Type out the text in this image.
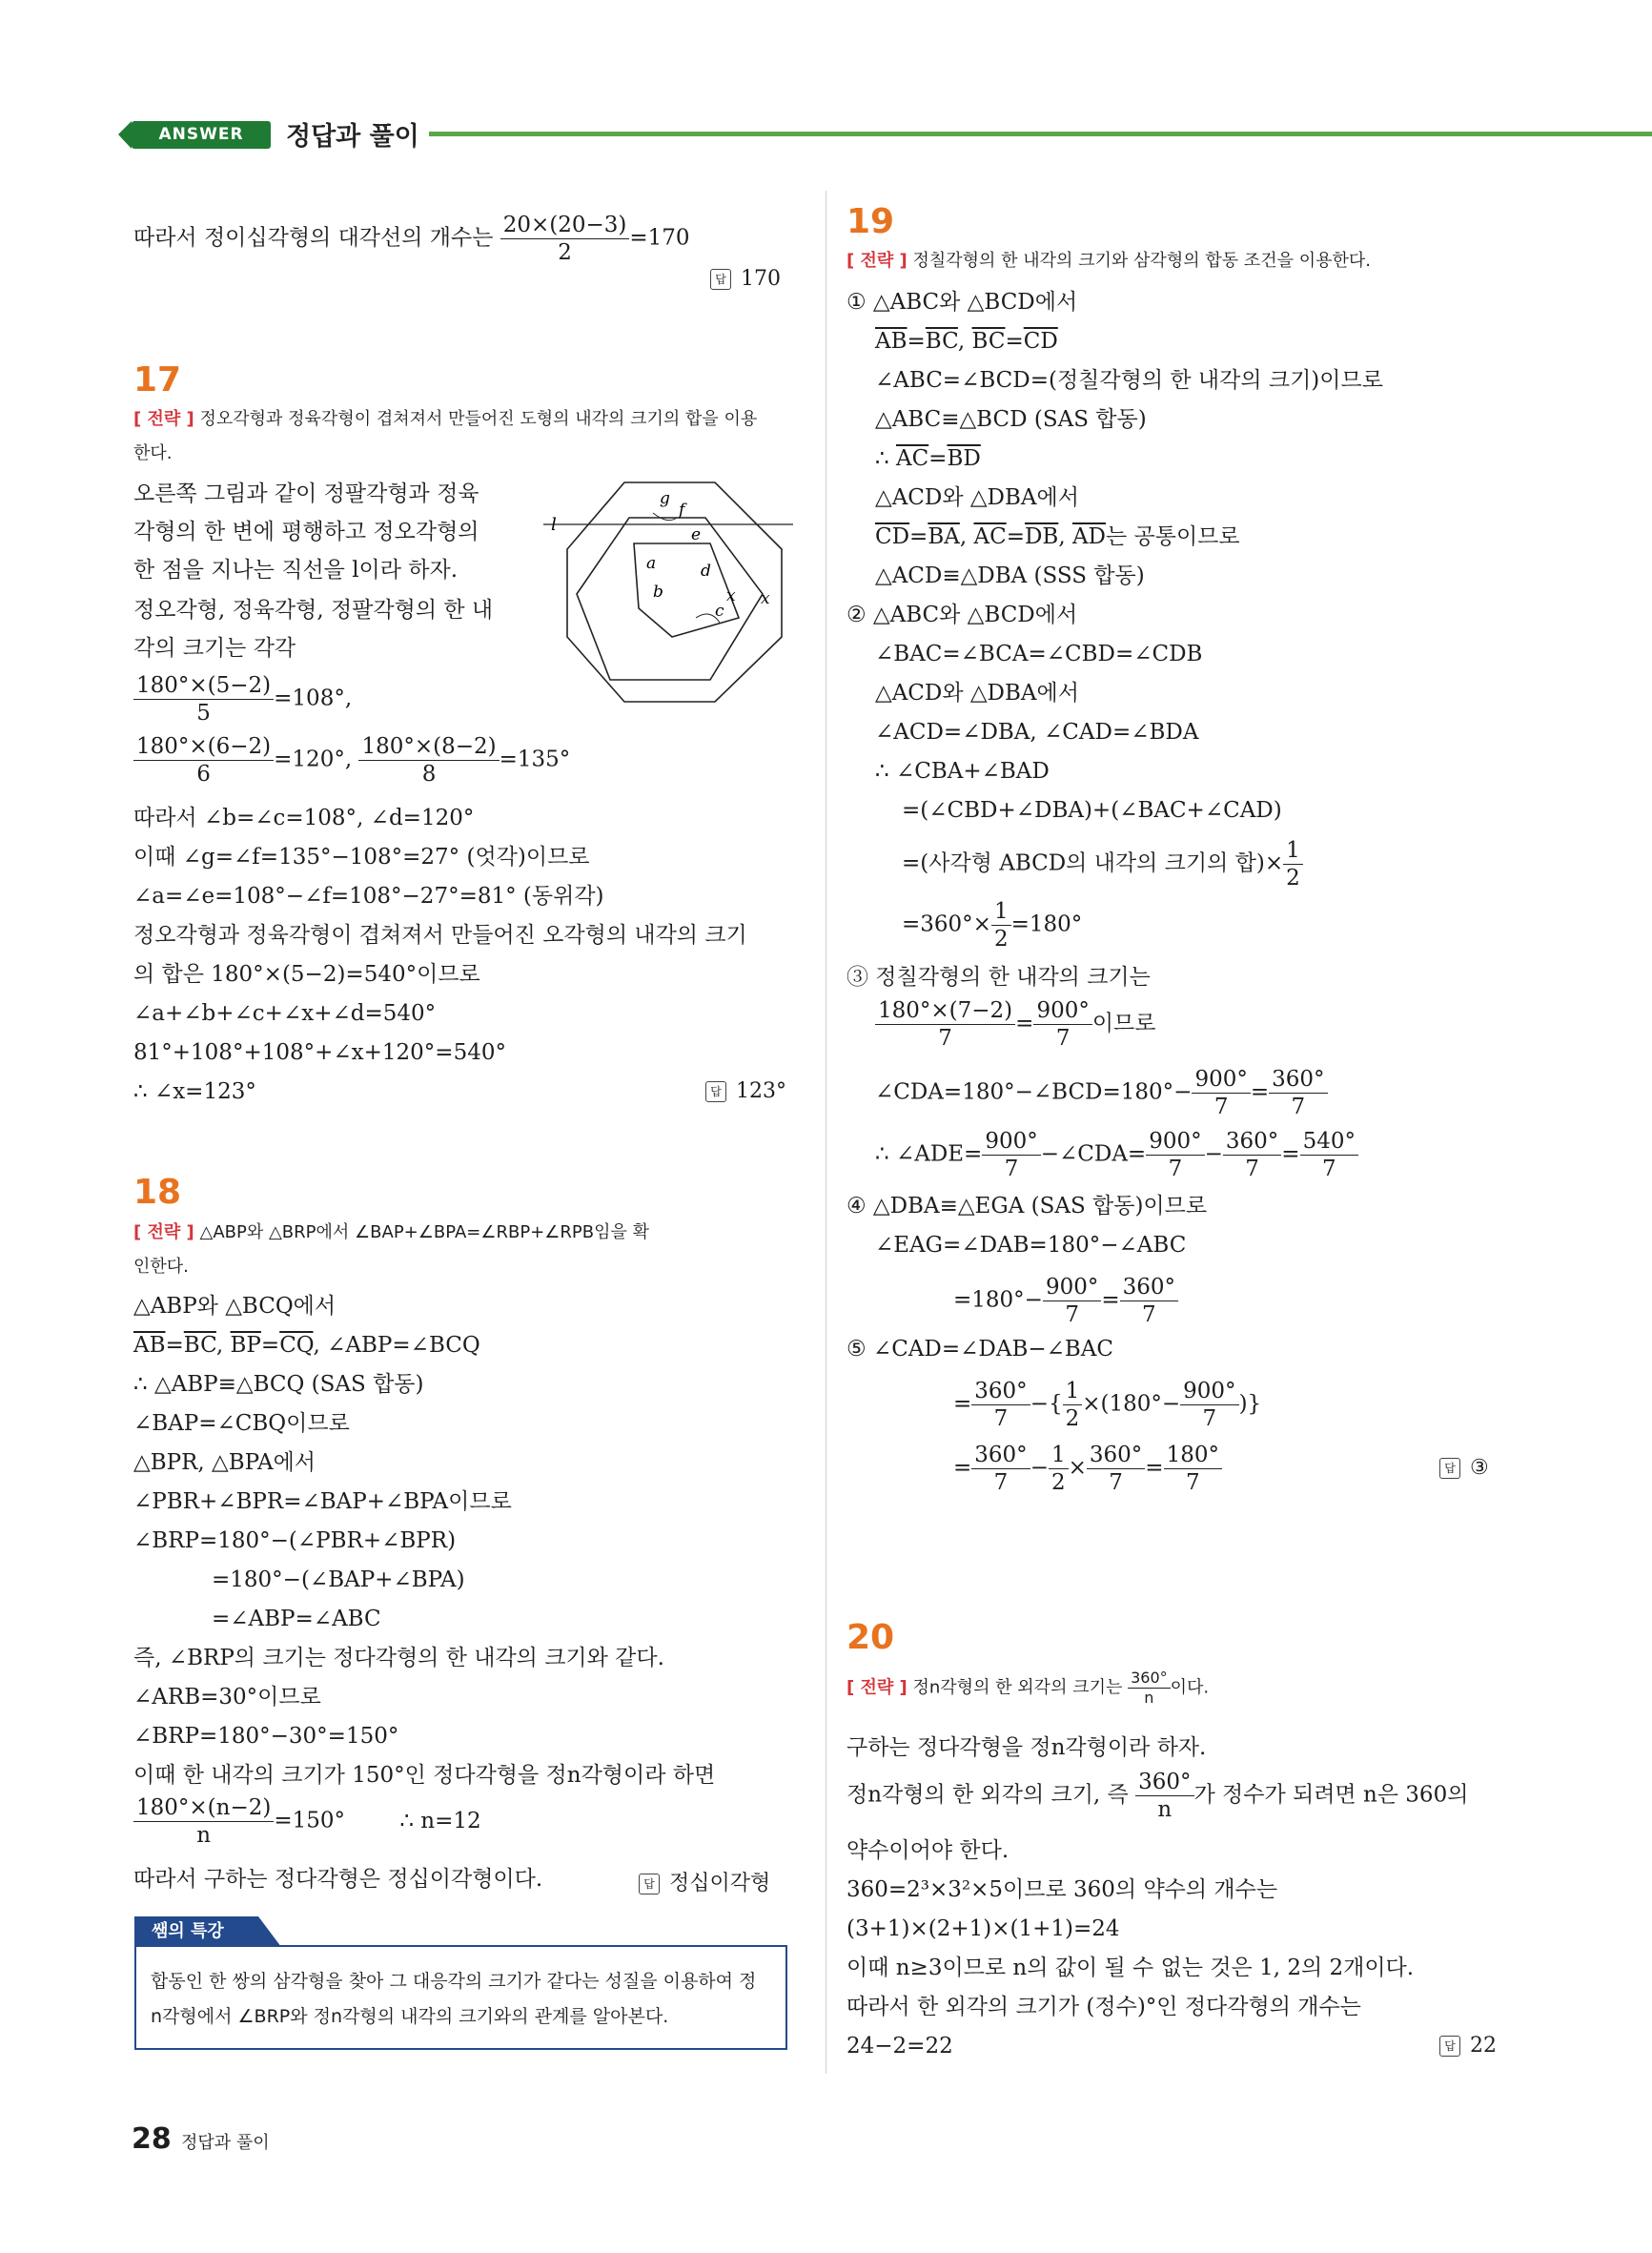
ANSWER	정답과 풀이
따라서 정이십각형의 대각선의 개수는 $\frac{20\times(20-3)}{2} =170$
답 170
17
[ 전략 ] 정오각형과 정육각형이 겹쳐져서 만들어진 도형의 내각의 크기의 합을 이용
한다.
오른쪽 그림과 같이 정팔각형과 정육
각형의 한 변에 평행하고 정오각형의
한 점을 지나는 직선을 l이라 하자.
정오각형, 정육각형, 정팔각형의 한 내
각의 크기는 각각
l
g
f
a
e
b
d
c
x x
$\frac{180^\circ\times(5-2)}{5} =108^\circ$,
$\frac{180^\circ\times(6-2)}{6} =120^\circ$, $\frac{180^\circ\times(8-2)}{8} =135^\circ$
따라서 ∠b=∠c=108°, ∠d=120°
이때 ∠g=∠f=135°−108°=27° (엇각)이므로
∠a=∠e=108°−∠f=108°−27°=81° (동위각)
정오각형과 정육각형이 겹쳐져서 만들어진 오각형의 내각의 크기
의 합은 180°×(5−2)=540°이므로
∠a+∠b+∠c+∠x+∠d=540°
81°+108°+108°+∠x+120°=540°
∴ ∠x=123°	답 123°
18
[ 전략 ] △ABP와 △BRP에서 ∠BAP+∠BPA=∠RBP+∠RPB임을 확
인한다.
△ABP와 △BCQ에서
$\overline{AB}=\overline{BC}$, $\overline{BP}=\overline{CQ}$, ∠ABP=∠BCQ
∴ △ABP≡△BCQ (SAS 합동)
∠BAP=∠CBQ이므로
△BPR, △BPA에서
∠PBR+∠BPR=∠BAP+∠BPA이므로
∠BRP=180°−(∠PBR+∠BPR)
=180°−(∠BAP+∠BPA)
=∠ABP=∠ABC
즉, ∠BRP의 크기는 정다각형의 한 내각의 크기와 같다.
∠ARB=30°이므로
∠BRP=180°−30°=150°
이때 한 내각의 크기가 150°인 정다각형을 정n각형이라 하면
$\frac{180^\circ\times(n-2)}{n} =150^\circ$ ∴ n=12
따라서 구하는 정다각형은 정십이각형이다.	답 정십이각형
쌤의 특강
합동인 한 쌍의 삼각형을 찾아 그 대응각의 크기가 같다는 성질을 이용하여 정
n각형에서 ∠BRP와 정n각형의 내각의 크기와의 관계를 알아본다.
19
[ 전략 ] 정칠각형의 한 내각의 크기와 삼각형의 합동 조건을 이용한다.
① △ABC와 △BCD에서
$\overline{AB}=\overline{BC}$, $\overline{BC}=\overline{CD}$
∠ABC=∠BCD=(정칠각형의 한 내각의 크기)이므로
△ABC≡△BCD (SAS 합동)
∴ $\overline{AC}=\overline{BD}$
△ACD와 △DBA에서
$\overline{CD}=\overline{BA}$, $\overline{AC}=\overline{DB}$, $\overline{AD}$는 공통이므로
△ACD≡△DBA (SSS 합동)
② △ABC와 △BCD에서
∠BAC=∠BCA=∠CBD=∠CDB
△ACD와 △DBA에서
∠ACD=∠DBA, ∠CAD=∠BDA
∴ ∠CBA+∠BAD
=(∠CBD+∠DBA)+(∠BAC+∠CAD)
=(사각형 ABCD의 내각의 크기의 합)× $\frac{1}{2}$
$=360^\circ\times \frac{1}{2} =180^\circ$
③ 정칠각형의 한 내각의 크기는
$\frac{180^\circ\times(7-2)}{7} = \frac{900^\circ}{7}$ 이므로
∠CDA=180°−∠BCD=180°− $\frac{900^\circ}{7} = \frac{360^\circ}{7}$
∴ ∠ADE= $\frac{900^\circ}{7}$ −∠CDA= $\frac{900^\circ}{7} - \frac{360^\circ}{7} = \frac{540^\circ}{7}$
④ △DBA≡△EGA (SAS 합동)이므로
∠EAG=∠DAB=180°−∠ABC
$=180^\circ- \frac{900^\circ}{7} = \frac{360^\circ}{7}$
⑤ ∠CAD=∠DAB−∠BAC
= $\frac{360^\circ}{7}$ −{ $\frac{1}{2} \times(180^\circ- \frac{900^\circ}{7}$ )}
= $\frac{360^\circ}{7} - \frac{1}{2} \times \frac{360^\circ}{7} = \frac{180^\circ}{7}$	답 ③
20
[ 전략 ] 정n각형의 한 외각의 크기는 $\frac{360^\circ}{n}$ 이다.
구하는 정다각형을 정n각형이라 하자.
정n각형의 한 외각의 크기, 즉 $\frac{360^\circ}{n}$ 가 정수가 되려면 n은 360의
약수이어야 한다.
360=2³×3²×5이므로 360의 약수의 개수는
(3+1)×(2+1)×(1+1)=24
이때 n≥3이므로 n의 값이 될 수 없는 것은 1, 2의 2개이다.
따라서 한 외각의 크기가 (정수)°인 정다각형의 개수는
24−2=22	답 22
28 정답과 풀이
